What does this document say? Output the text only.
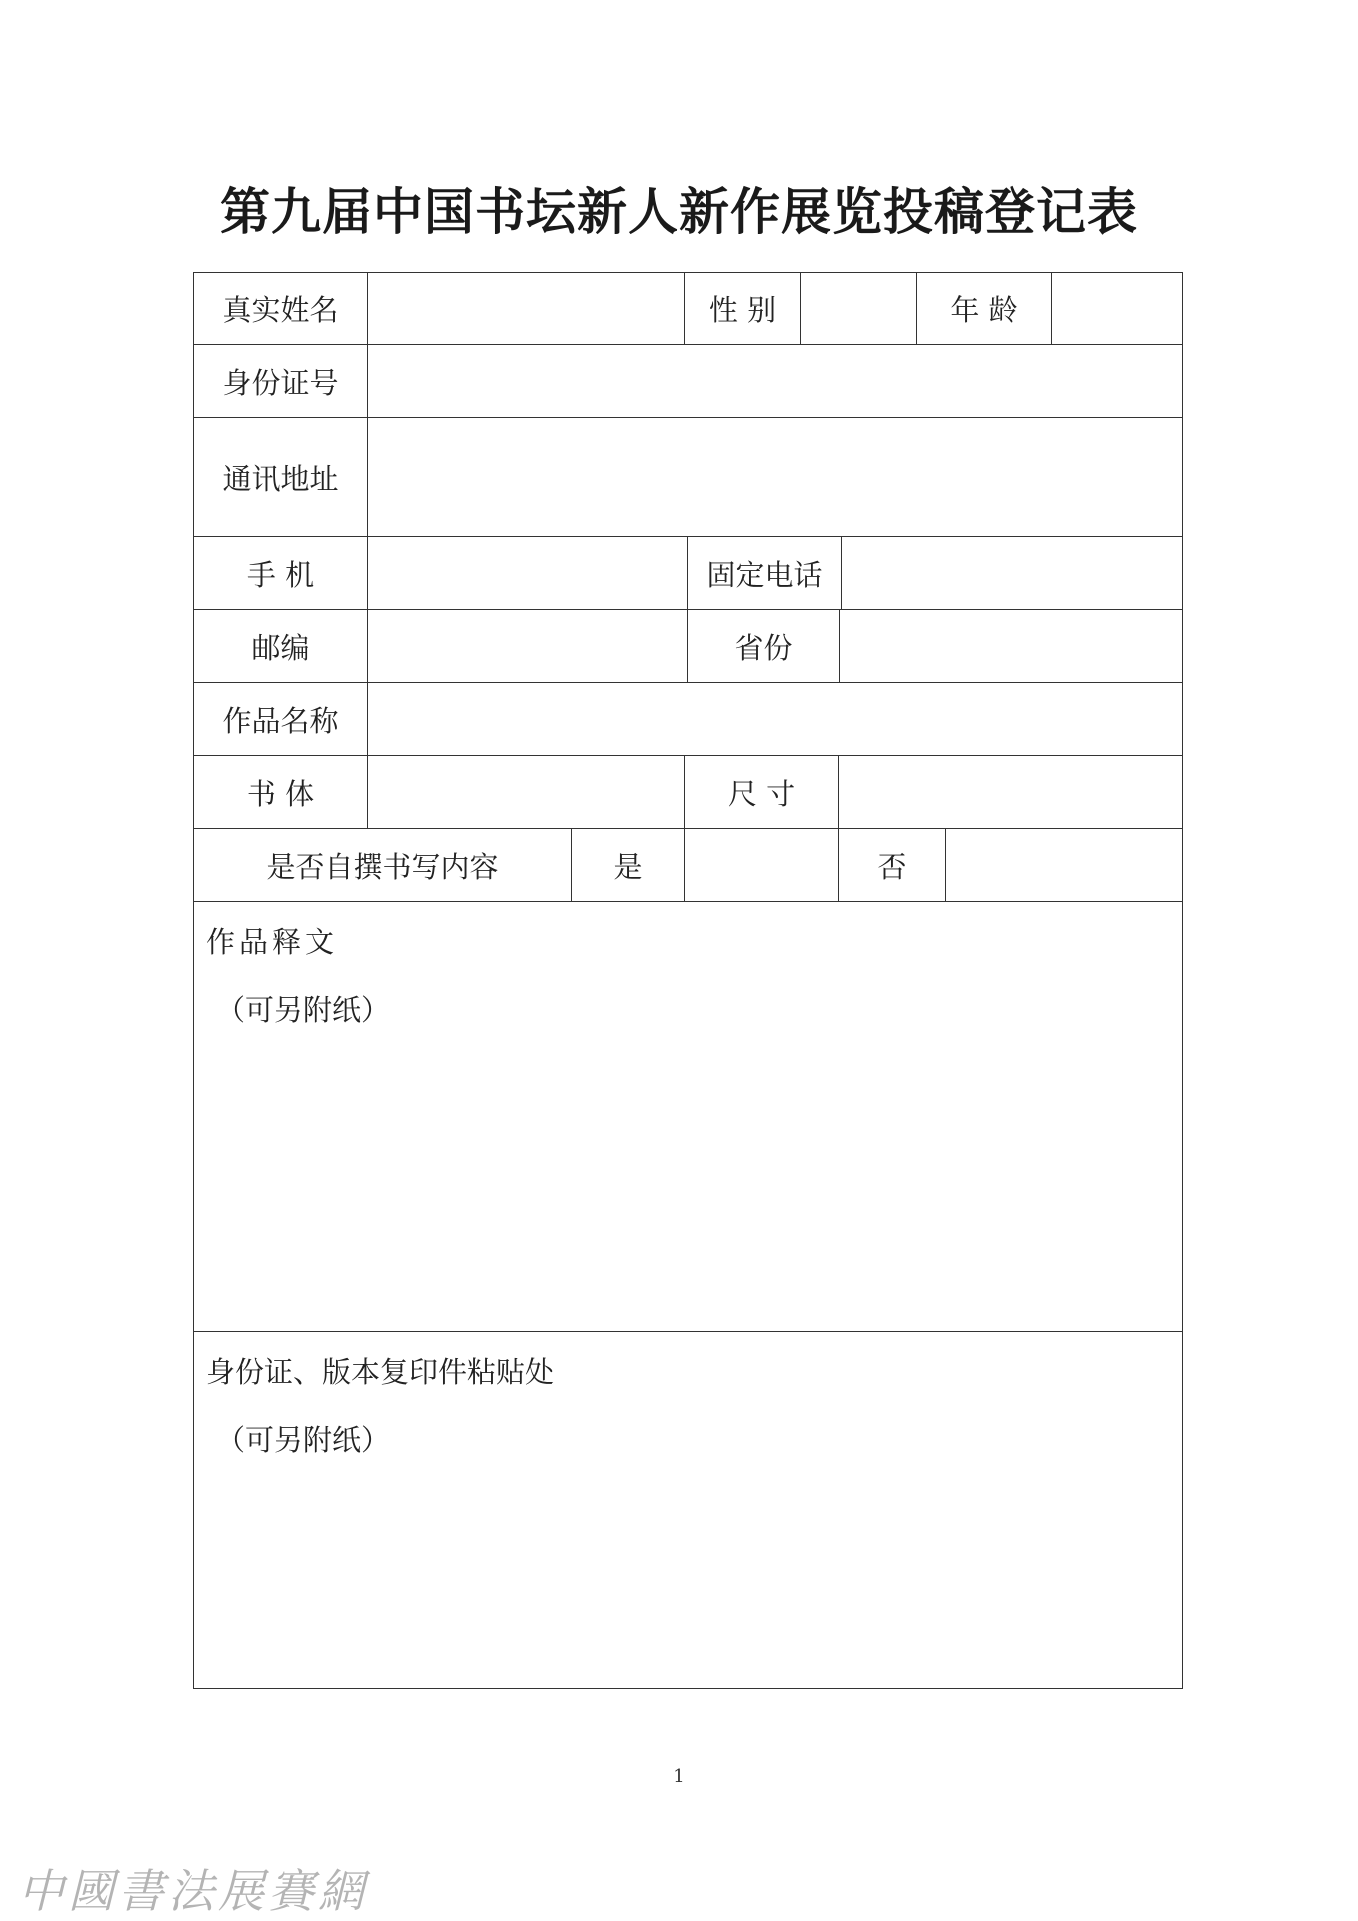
第九届中国书坛新人新作展览投稿登记表
真实姓名	性 别	年 龄
身份证号
通讯地址
手 机	固定电话
邮编	省份
作品名称
书 体	尺 寸
是否自撰书写内容	是	否
作品释文
（可另附纸）
身份证、版本复印件粘贴处
（可另附纸）
1
中國書法展賽網
